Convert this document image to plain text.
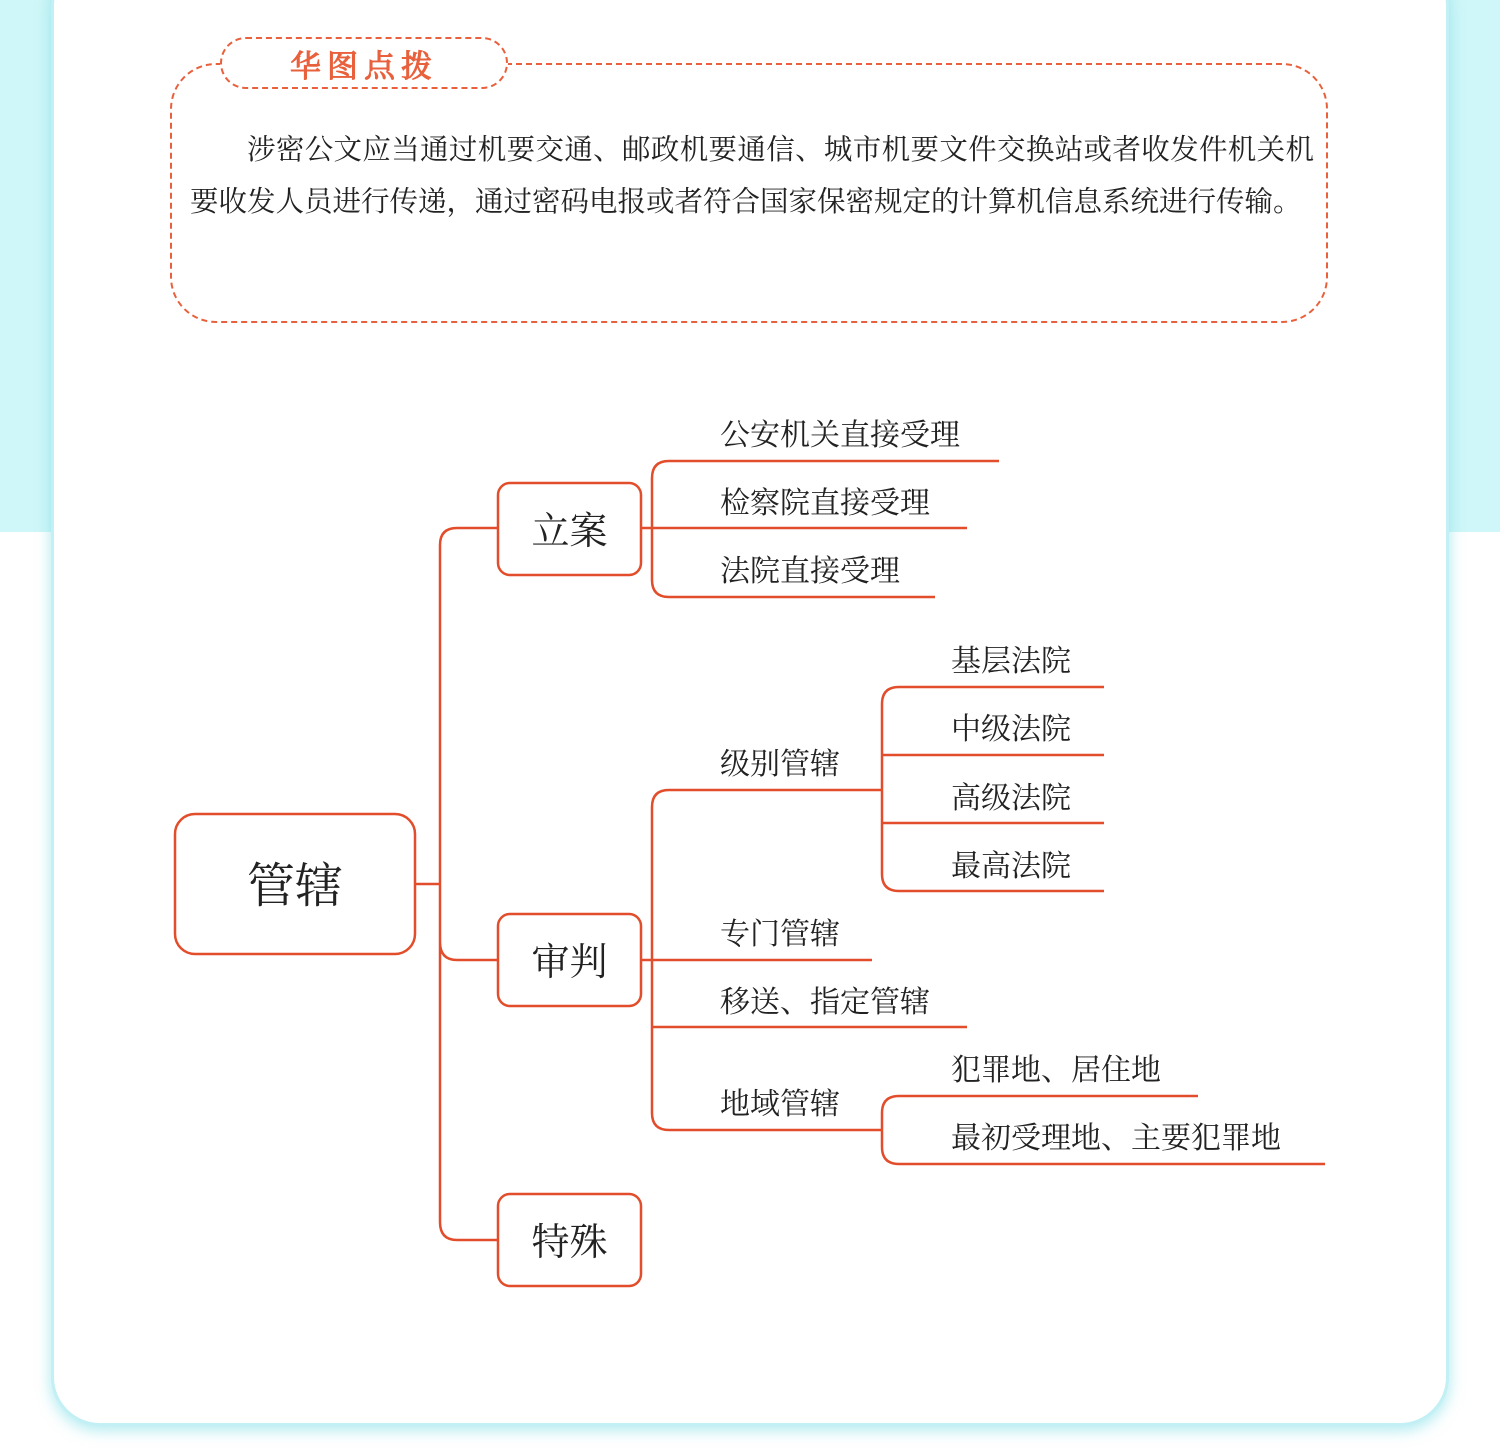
华图点拨

涉密公文应当通过机要交通、邮政机要通信、城市机要文件交换站或者收发件机关机要收发人员进行传递，通过密码电报或者符合国家保密规定的计算机信息系统进行传输。

管辖
立案
审判
特殊
公安机关直接受理
检察院直接受理
法院直接受理
级别管辖
专门管辖
移送、指定管辖
地域管辖
基层法院
中级法院
高级法院
最高法院
犯罪地、居住地
最初受理地、主要犯罪地
